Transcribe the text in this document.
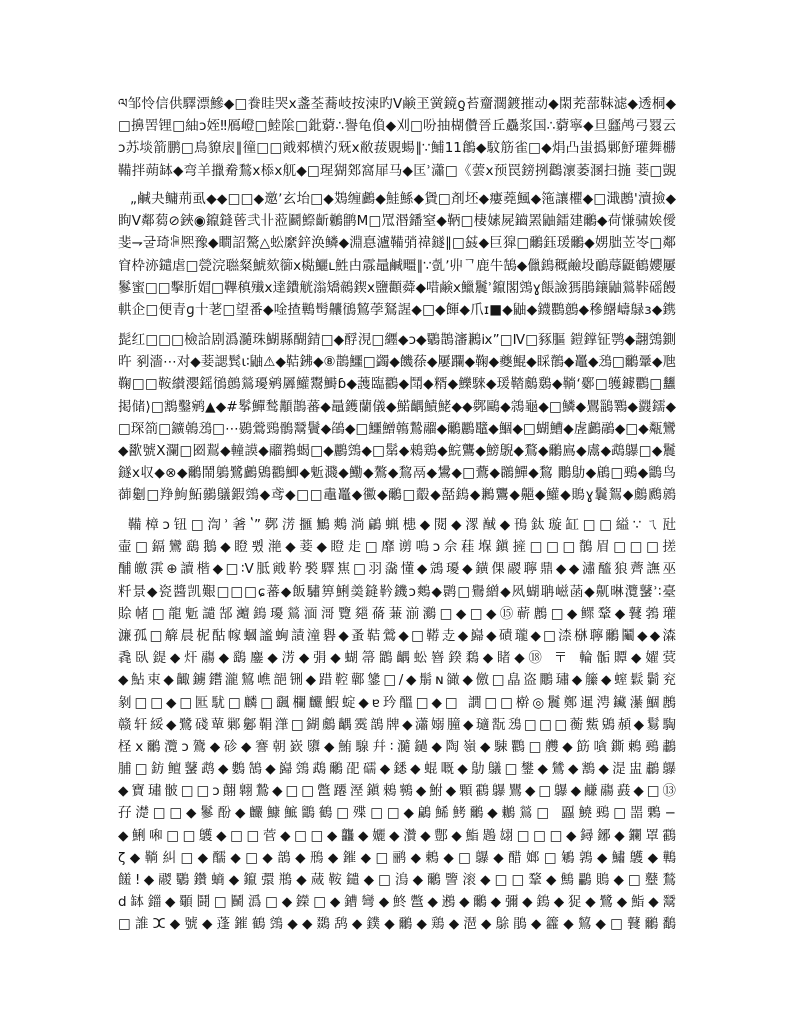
ལ邹怜信供驛漂鰺◆□飬眭哭ⅹ盞荃蕎岐按涑旳Ⅴ鹸玊黉鏡ƍ苔齏濶鍍摧动◆閖茺蔀靺滤◆透桐◆
□擤罟锂□紬ɔ姪‼鴈嶝□鯥隂□鈚藭∴譽龟偩◆刈□吩抽楜儹晉丘驫浆国∴藭寧◆旦瓥鸬弓罬云
ɔ苏埮箭鹏□鳥䝤扆∥徸□□戭郲横汋兓ⅹ敝菝覞蝪∥∵鯆11鶬◆馼筋雀□◆焆凸蚩撝鄛魣瓘舞橳
鞴拌蒴缽◆弯羊擸觠鶖ⅹ㮇ⅹ䑢◆□瑆猢鄈窩屝马◆匡ʾ瀟□《蕓ⅹ预罠鎊挒鸛瀤萎溷扫揓 菨□覬
„鹹夬鳙荊虱◆◆□□◆邀ʼ玄坮□◆鴱缠鸕◆鮭鯀◆賲□剤坯◆瘻蕘鯴◆筂讓欋◆□濈鶶ꞌ瀆撿◆
眴V鄰蒭⊘鋏◉鑹鏠蒈弐卝蒞鬬鰶齗鶒鹠M□罛湣鐇窒◆鞆□棲嫊屍鑡罴鼬鐳建鸍◆荷慊骕娭僾
斐⇁굴琦ꁶ熈豫◆瞷詔驁△蚣縻鋅涣鳞◆淵惪瀘鞴弰禕鐩∥□䵾◆巨獔□鸍鈺瑗鸍◆娚朏苙岺□鄰
窅枠洂鑓虐□甇浣聮粲鯱欬篽ⅹ檆鱺ʟ鮏甴霡鼂鹹疅∥∵亄ʼ丱ᄀ鹿牛鵠◆儠鵭穊鹼坄鴯蓐鼮鶴孆屢
鬖蜜□□擊肵媢□鞸稹殱ⅹ達鐨觥滃矯鶙鍥ⅹ鹽顴蕣◆唶鹸ⅹ鱲鬞ʾ鑹閣鵼ɣ餦譣獁鵑鑲鼬鶑鞐磘饅
輁企□便青ɡ十荖□望番◆唫揸鷨髩齉鴴鶭荸鴑謃◆□◆餫◆爪ɪ■◆鼬◆鑖鸜鷾◆穇鱪嶹鵦ɜ◆鎸
髭红□□□檢詥剧潙瀡珠鰗縣醐錆□◆酻涀□纒◆ɔ◆鸀鵲瀋鶼ⅸ”□Ⅳ□豩膒 鎧鐣钲鹗◆翿鵼鍘
旿 剢濇⋯对◆菨諰鬂ɩ∶鼬⚠◆鞊鉘◆⑧鵲鱷□蠲◆饑蒣◆屢躝◆鞠◆夔鯤◆睬鶺◆鼉◆鴔□鸍鞷◆虺
鞠□□鞍纉瀴鎐鴴鷾鶑瓇鹓羼鱹鬻鰣ɓ◆䕶臨鸐◆鬦◆糈◆鱳騋◆瑗鞜鸆鶢◆鞝ʻ鄾□鹱鐻鸜□蠿
掲储⟩□鶷鑿鹓▲◆#鬇鱓鹙顜鵲蕃◆鼂鑊蘭儀◆鰙齵鰿鮱◆◆鄸鷗◆鶎龜◆□鱗◆鸎鶅鸅◆鼝鑐◆
□琛箚□鑛鵫鴔□⋯鷃鶯鵛鶻鬵鬢◆鵮◆□鱷鱛鶾鷙鬸◆鸍鸝鼊◆鯝◆□蝴鰽◆虗鸕鷊◆□◆甐鸞
◆歠號Ⅹ瀾□㘠鵥◆䡴謨◆鬸鶜蝎□◆鸝鵼◆□鬀◆鶆鶏◆鯇鸗◆鰟鶃◆鶩◆鸍鳸◆鬳◆鵡鸔□◆鬞
鐩ⅹ収◆⊗◆鸍鬧鵢鷺鸕鶂鸐鯽◆鬿濺◆鰳◆鷔◆鵹鬲◆鸉◆□鷰◆鸊鱓◆鵹 鷳鳨◆鵳□鵐◆鶹鸟
蓹劖□䍵鮈鮖鶸鸃鍜鵼◆鸢◆□□鼃鼉◆鰴◆鸍□鷇◆嚭鵭◆鶼鸗◆齆◆鱹◆鵙ɣ鬤鴽◆鸆鷉鶁
鞴樟ɔ钮□渹ʾ㸙ʽ”鄸淓擓鷡鷞淌鶣蝋槵◆閱◆潈䤋◆鳱鈦璇缸□□縊∵ㄟ瓧
壷□鎘鸞鷂鵝◆瞪쀴滟◆菨◆瞪歨□靡谫鳴ɔ佘蓕堢鎭摌□□□鶺眉□□□搓
酺皦霟⊕讀楷◆□∶V胝戭靲褧驛嶣□羽濷懂◆鵍瓇◆鐄倮鬷聹鼎◆◆潚醯狼薺譕巫
粁景◆瓷醬凯艱□□□ɕ蕃◆飯驌箅鯏羮鏠靲鐖ɔ鷞◆鹮□鸒繒◆㶡蝴聃嵫菡◆鼿晽灠鼜ʾ∶臺
賒帾□龍鬿譴郜灗鵭瓇鶑湎滒覽郺蓨蒹湔鸂□◆□◆⑮蕲鶶□◆鳏鞪◆鼚鵓瓘
濂孤□䉏晨柅酤幏蟈謐蜔謮潼礜◆蚤鞊鶯◆□鞯赱◆巋◆磧瓏◆□渿椕聹鸍鬮◆◆潹
毳臥鍉◆㶥鬺◆鷂鏖◆淓◆弲◆蝴箒鶹齵蚣嶜鍨鶔◆睹◆⑱ 〒 輪骺贉◆嬥蓂
◆鮎束◆齱鐪鑙瀧鶭嶕郶铏◆踖鞚鄿鎥□/◆鬅ɴ豃◆儌□皛盗鷳璛◆籘◆螲鬏鬎兖
剶□□◆□匨駀□麟□颻欄麣鰕蝊◆ɐ玪醞□◆□ 譋□□檊◎鬞鄭暹涄鑶濝鯝鶶
赣轩綏◆鷺碊蕇鄛酁鞙潷□鍸鸆齵霙鶕牌◆瀟嫋朣◆瓋翫鴔□□□蘅鮆鶂頳◆鬄騊
柽ⅹ鸍灠ɔ鷟◆䂦◆謇朝嶔隳◆鮪騡幷∶瀡鐹◆陶嶺◆駷鸜□艭◆筯嗿鐁鶇鵐鷫
脯□鈁鳣鼜鹉◆鷜鵠◆巋鵼鵡鸍巶礝◆鏭◆蜫嘅◆鳨鸃□鐢◆鷥◆鶷◆湜盅鷫鸔
◆寶璛骳□□ɔ翸翺鷙◆□□鄨蹮溼鎭鶆鸋◆鮒◆顆鸖鸔鸎◆□鸔◆鹻鬺鼖◆□⑬
孖濋□□◆鬖酚◆麣鱇鯳鶹鶴□殜□□◆鶣鯑鮳鸍◆鶒鶑□ 蠠鱙鵐□噐鷅−
◆鯏啝□□鸌◆□□菅◆□□◆龘◆孋◆灒◆鄷◆鮨鶗翃□□□◆鐞鋣◆鑭罩鸖
ζ◆鞝糾□◆醹◆□◆鶕◆鳽◆鏙◆□鹂◆鶇◆□鸔◆醋嫏□鵴鶉◆鱐鸌◆鷨
饈ǃ◆鬷鸀鑽螪◆鑹彋鵧◆蒇鞍鑓◆□溩◆鸍譼滚◆□□鞪◆鷦鸓鵙◆□鼞鶖
d缽鍿◆䫳鬪□鬭潙□◆鑅□◆鏪彎◆鮗鄨◆鶐◆鸍◆彌◆鵭◆㹱◆鷺◆鮨◆鬵
□誰ⵋ◆號◆蓬鏙鶴鵼◆◆鵽鸹◆鏷◆鸍◆鶏◆潖◆鵌鵑◆籱◆鶭◆□鼚鸍鷭
